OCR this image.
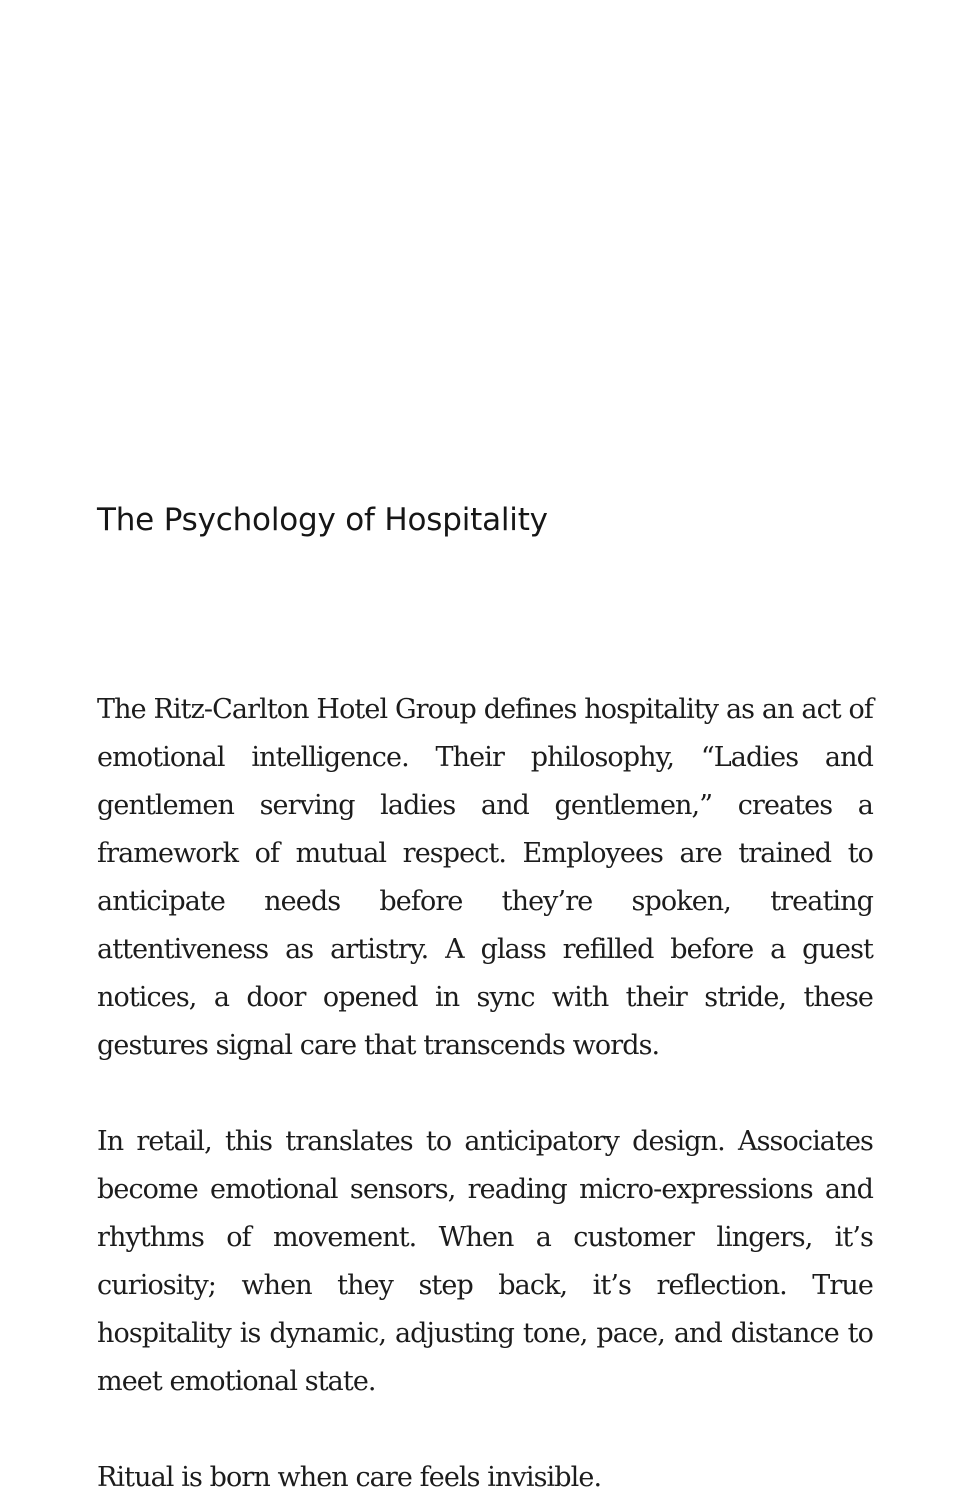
The Psychology of Hospitality

The Ritz-Carlton Hotel Group defines hospitality as an act of emotional intelligence. Their philosophy, “Ladies and gentlemen serving ladies and gentlemen,” creates a framework of mutual respect. Employees are trained to anticipate needs before they’re spoken, treating attentiveness as artistry. A glass refilled before a guest notices, a door opened in sync with their stride, these gestures signal care that transcends words.

In retail, this translates to anticipatory design. Associates become emotional sensors, reading micro-expressions and rhythms of movement. When a customer lingers, it’s curiosity; when they step back, it’s reflection. True hospitality is dynamic, adjusting tone, pace, and distance to meet emotional state.

Ritual is born when care feels invisible.
